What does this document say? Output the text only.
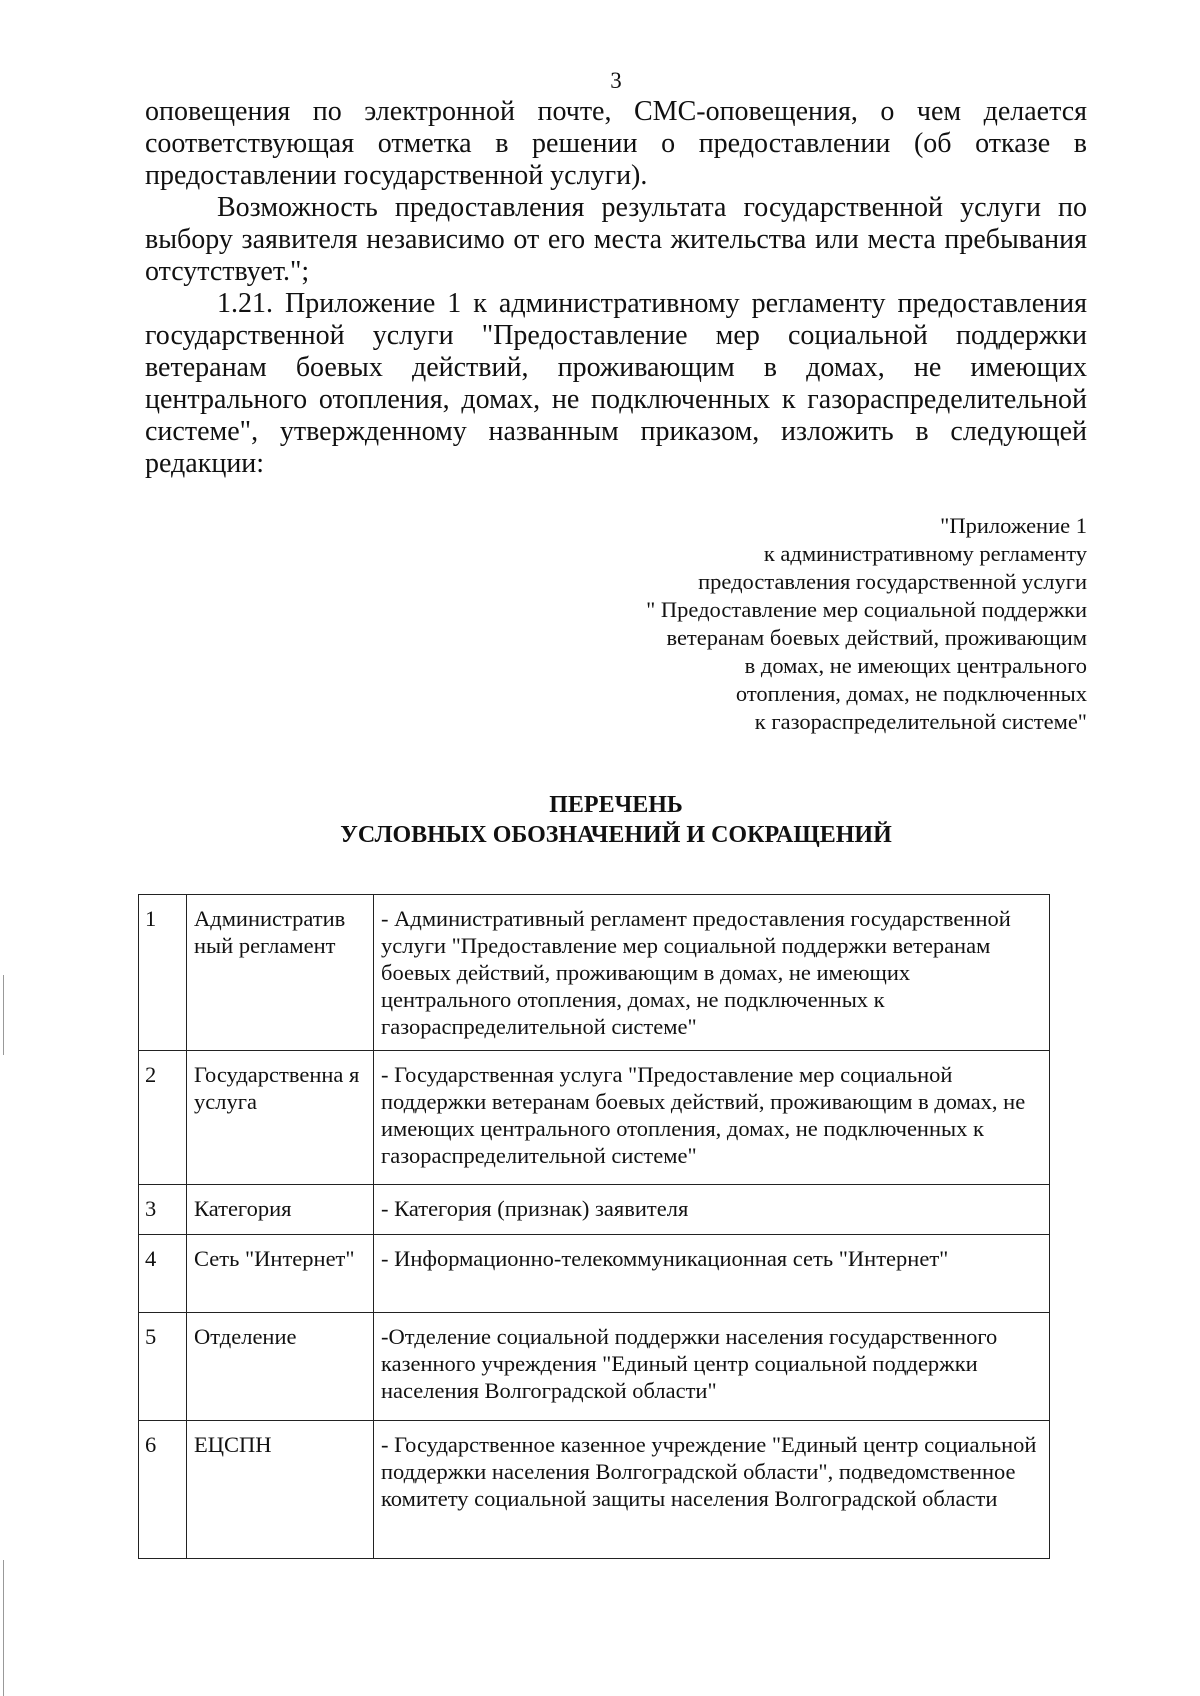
3

оповещения по электронной почте, СМС-оповещения, о чем делается соответствующая отметка в решении о предоставлении (об отказе в предоставлении государственной услуги).

Возможность предоставления результата государственной услуги по выбору заявителя независимо от его места жительства или места пребывания отсутствует.";

1.21. Приложение 1 к административному регламенту предоставления государственной услуги "Предоставление мер социальной поддержки ветеранам боевых действий, проживающим в домах, не имеющих центрального отопления, домах, не подключенных к газораспределительной системе", утвержденному названным приказом, изложить в следующей редакции:

"Приложение 1
к административному регламенту
предоставления государственной услуги
" Предоставление мер социальной поддержки
ветеранам боевых действий, проживающим
в домах, не имеющих центрального
отопления, домах, не подключенных
к газораспределительной системе"
ПЕРЕЧЕНЬ
УСЛОВНЫХ ОБОЗНАЧЕНИЙ И СОКРАЩЕНИЙ
1	Административ ный регламент	- Административный регламент предоставления государственной услуги "Предоставление мер социальной поддержки ветеранам боевых действий, проживающим в домах, не имеющих центрального отопления, домах, не подключенных к газораспределительной системе"
2	Государственна я услуга	- Государственная услуга "Предоставление мер социальной поддержки ветеранам боевых действий, проживающим в домах, не имеющих центрального отопления, домах, не подключенных к газораспределительной системе"
3	Категория	- Категория (признак) заявителя
4	Сеть "Интернет"	- Информационно-телекоммуникационная сеть "Интернет"
5	Отделение	-Отделение социальной поддержки населения государственного казенного учреждения "Единый центр социальной поддержки населения Волгоградской области"
6	ЕЦСПН	- Государственное казенное учреждение "Единый центр социальной поддержки населения Волгоградской области", подведомственное комитету социальной защиты населения Волгоградской области
